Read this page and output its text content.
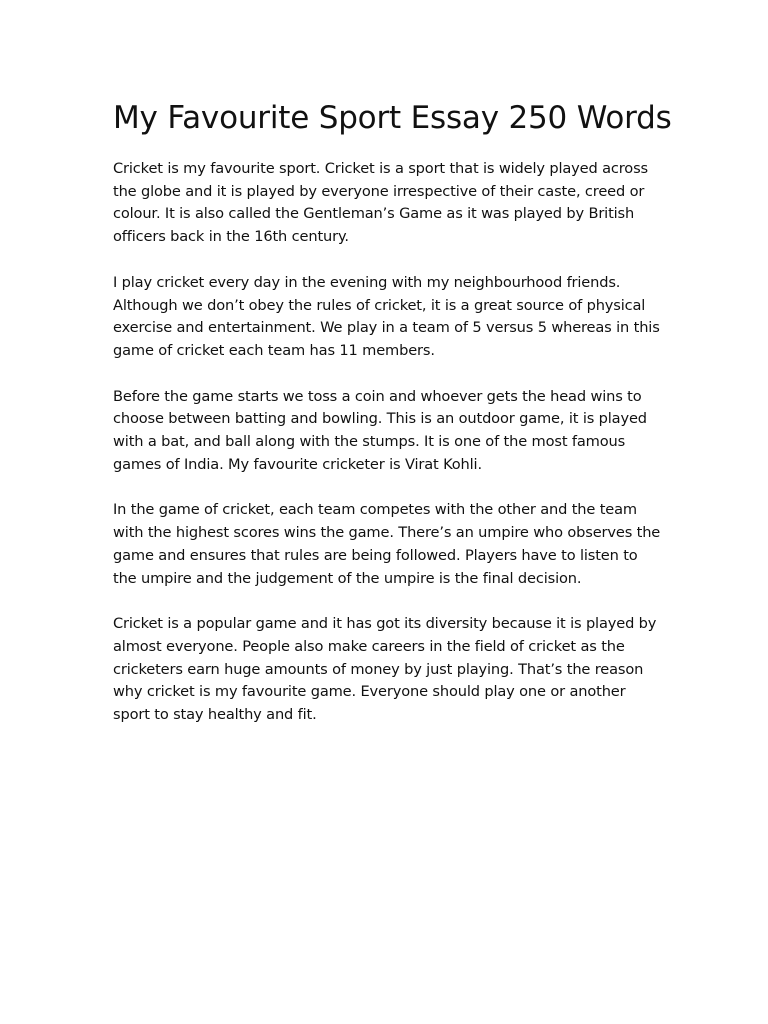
My Favourite Sport Essay 250 Words

Cricket is my favourite sport. Cricket is a sport that is widely played across
the globe and it is played by everyone irrespective of their caste, creed or
colour. It is also called the Gentleman’s Game as it was played by British
officers back in the 16th century.

I play cricket every day in the evening with my neighbourhood friends.
Although we don’t obey the rules of cricket, it is a great source of physical
exercise and entertainment. We play in a team of 5 versus 5 whereas in this
game of cricket each team has 11 members.

Before the game starts we toss a coin and whoever gets the head wins to
choose between batting and bowling. This is an outdoor game, it is played
with a bat, and ball along with the stumps. It is one of the most famous
games of India. My favourite cricketer is Virat Kohli.

In the game of cricket, each team competes with the other and the team
with the highest scores wins the game. There’s an umpire who observes the
game and ensures that rules are being followed. Players have to listen to
the umpire and the judgement of the umpire is the final decision.

Cricket is a popular game and it has got its diversity because it is played by
almost everyone. People also make careers in the field of cricket as the
cricketers earn huge amounts of money by just playing. That’s the reason
why cricket is my favourite game. Everyone should play one or another
sport to stay healthy and fit.
